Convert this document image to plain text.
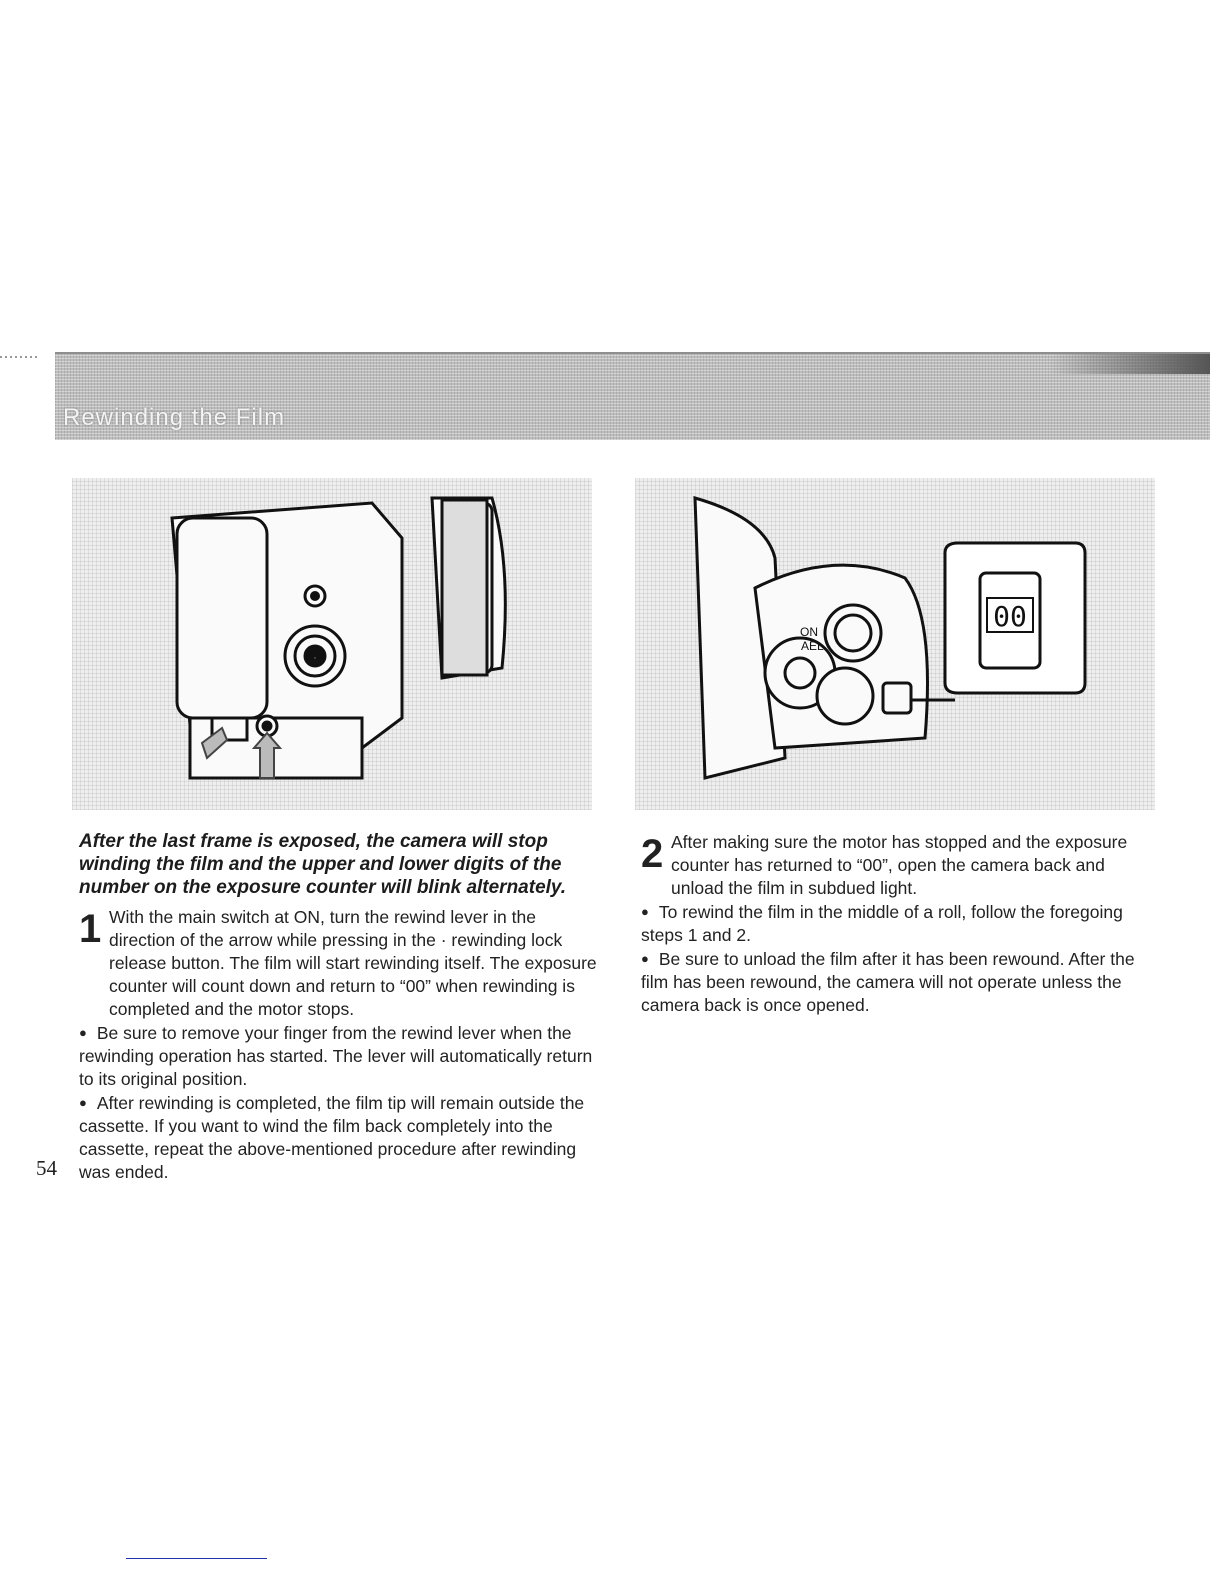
Rewinding the Film
ON
AEL
00

After the last frame is exposed, the camera will stop winding the film and the upper and lower digits of the number on the exposure counter will blink alternately.

1 With the main switch at ON, turn the rewind lever in the direction of the arrow while pressing in the · rewinding lock release button. The film will start rewinding itself. The exposure counter will count down and return to “00” when rewinding is completed and the motor stops.

● Be sure to remove your finger from the rewind lever when the rewinding operation has started. The lever will automatically return to its original position.

● After rewinding is completed, the film tip will remain outside the cassette. If you want to wind the film back completely into the cassette, repeat the above-mentioned procedure after rewinding was ended.

2 After making sure the motor has stopped and the exposure counter has returned to “00”, open the camera back and unload the film in subdued light.

● To rewind the film in the middle of a roll, follow the foregoing steps 1 and 2.

● Be sure to unload the film after it has been rewound. After the film has been rewound, the camera will not operate unless the camera back is once opened.

54
